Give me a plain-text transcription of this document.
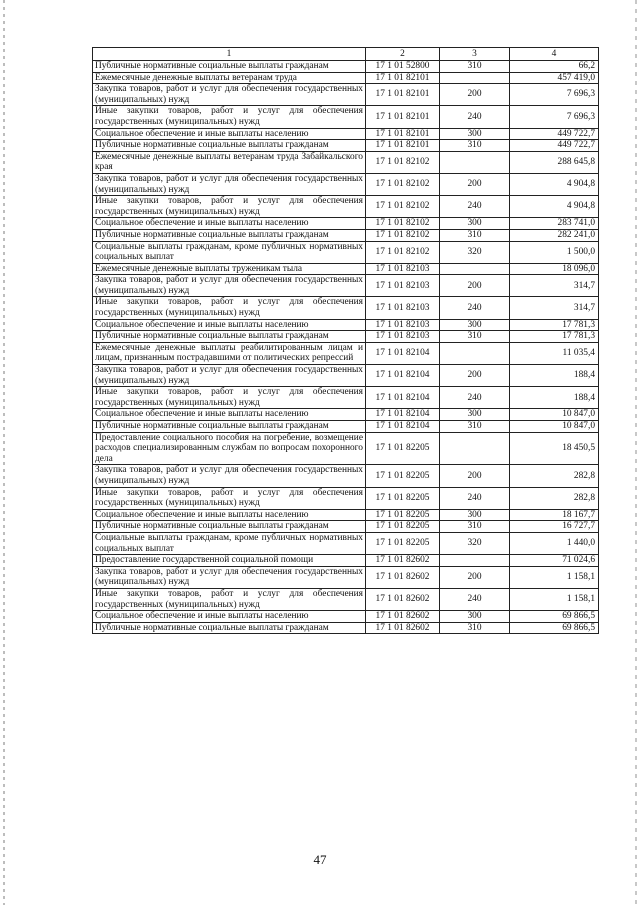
1	2	3	4
Публичные нормативные социальные выплаты гражданам	17 1 01 52800	310	66,2
Ежемесячные денежные выплаты ветеранам труда	17 1 01 82101		457 419,0
Закупка товаров, работ и услуг для обеспечения государственных (муниципальных) нужд	17 1 01 82101	200	7 696,3
Иные закупки товаров, работ и услуг для обеспечения государственных (муниципальных) нужд	17 1 01 82101	240	7 696,3
Социальное обеспечение и иные выплаты населению	17 1 01 82101	300	449 722,7
Публичные нормативные социальные выплаты гражданам	17 1 01 82101	310	449 722,7
Ежемесячные денежные выплаты ветеранам труда Забайкальского края	17 1 01 82102		288 645,8
Закупка товаров, работ и услуг для обеспечения государственных (муниципальных) нужд	17 1 01 82102	200	4 904,8
Иные закупки товаров, работ и услуг для обеспечения государственных (муниципальных) нужд	17 1 01 82102	240	4 904,8
Социальное обеспечение и иные выплаты населению	17 1 01 82102	300	283 741,0
Публичные нормативные социальные выплаты гражданам	17 1 01 82102	310	282 241,0
Социальные выплаты гражданам, кроме публичных нормативных социальных выплат	17 1 01 82102	320	1 500,0
Ежемесячные денежные выплаты труженикам тыла	17 1 01 82103		18 096,0
Закупка товаров, работ и услуг для обеспечения государственных (муниципальных) нужд	17 1 01 82103	200	314,7
Иные закупки товаров, работ и услуг для обеспечения государственных (муниципальных) нужд	17 1 01 82103	240	314,7
Социальное обеспечение и иные выплаты населению	17 1 01 82103	300	17 781,3
Публичные нормативные социальные выплаты гражданам	17 1 01 82103	310	17 781,3
Ежемесячные денежные выплаты реабилитированным лицам и лицам, признанным пострадавшими от политических репрессий	17 1 01 82104		11 035,4
Закупка товаров, работ и услуг для обеспечения государственных (муниципальных) нужд	17 1 01 82104	200	188,4
Иные закупки товаров, работ и услуг для обеспечения государственных (муниципальных) нужд	17 1 01 82104	240	188,4
Социальное обеспечение и иные выплаты населению	17 1 01 82104	300	10 847,0
Публичные нормативные социальные выплаты гражданам	17 1 01 82104	310	10 847,0
Предоставление социального пособия на погребение, возмещение расходов специализированным службам по вопросам похоронного дела	17 1 01 82205		18 450,5
Закупка товаров, работ и услуг для обеспечения государственных (муниципальных) нужд	17 1 01 82205	200	282,8
Иные закупки товаров, работ и услуг для обеспечения государственных (муниципальных) нужд	17 1 01 82205	240	282,8
Социальное обеспечение и иные выплаты населению	17 1 01 82205	300	18 167,7
Публичные нормативные социальные выплаты гражданам	17 1 01 82205	310	16 727,7
Социальные выплаты гражданам, кроме публичных нормативных социальных выплат	17 1 01 82205	320	1 440,0
Предоставление государственной социальной помощи	17 1 01 82602		71 024,6
Закупка товаров, работ и услуг для обеспечения государственных (муниципальных) нужд	17 1 01 82602	200	1 158,1
Иные закупки товаров, работ и услуг для обеспечения государственных (муниципальных) нужд	17 1 01 82602	240	1 158,1
Социальное обеспечение и иные выплаты населению	17 1 01 82602	300	69 866,5
Публичные нормативные социальные выплаты гражданам	17 1 01 82602	310	69 866,5
47
